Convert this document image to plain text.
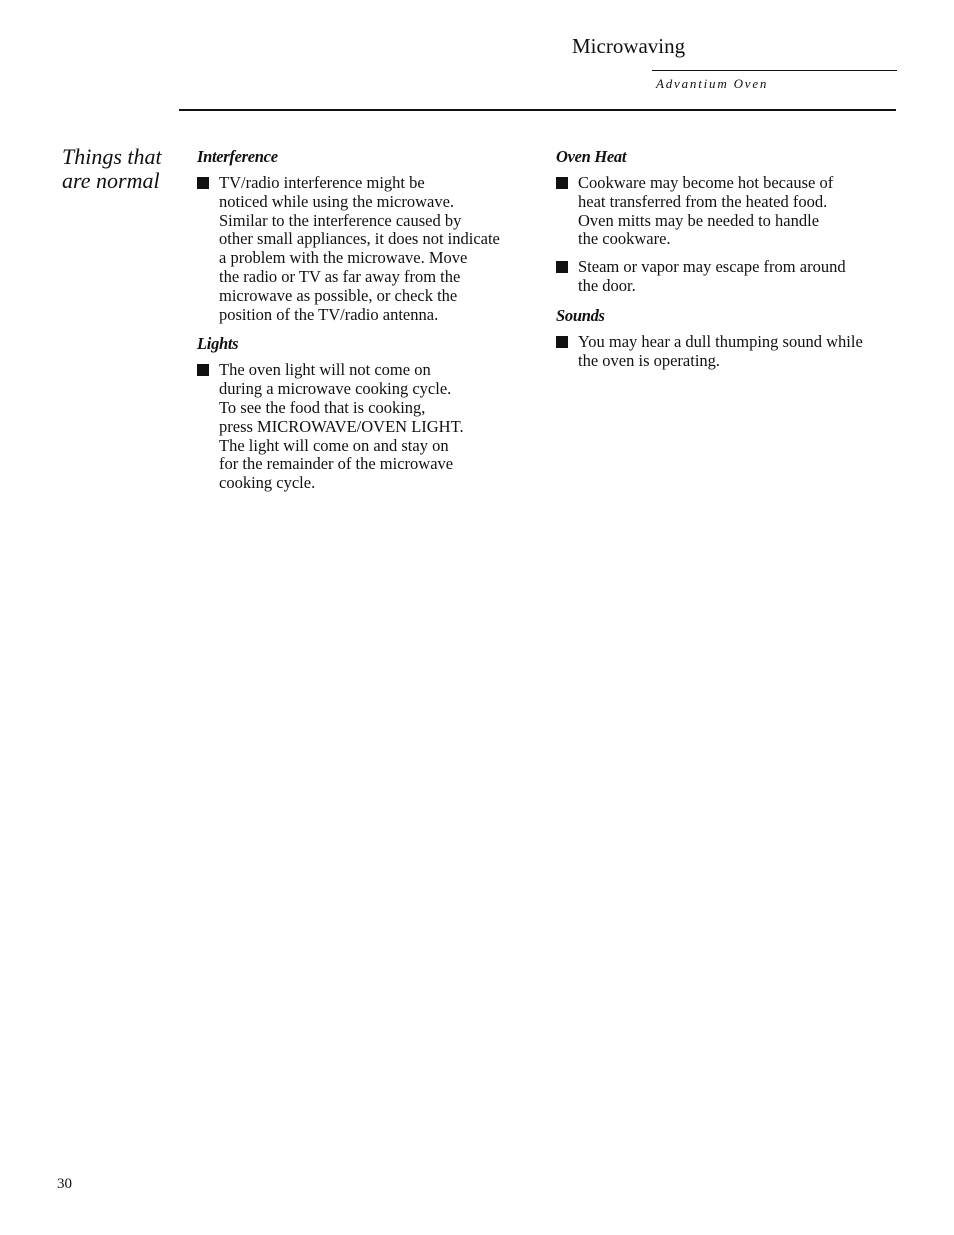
Microwaving
Advantium Oven
Things that
are normal
Interference
TV/radio interference might be
noticed while using the microwave.
Similar to the interference caused by
other small appliances, it does not indicate
a problem with the microwave. Move
the radio or TV as far away from the
microwave as possible, or check the
position of the TV/radio antenna.
Lights
The oven light will not come on
during a microwave cooking cycle.
To see the food that is cooking,
press MICROWAVE/OVEN LIGHT.
The light will come on and stay on
for the remainder of the microwave
cooking cycle.
Oven Heat
Cookware may become hot because of
heat transferred from the heated food.
Oven mitts may be needed to handle
the cookware.
Steam or vapor may escape from around
the door.
Sounds
You may hear a dull thumping sound while
the oven is operating.
30
